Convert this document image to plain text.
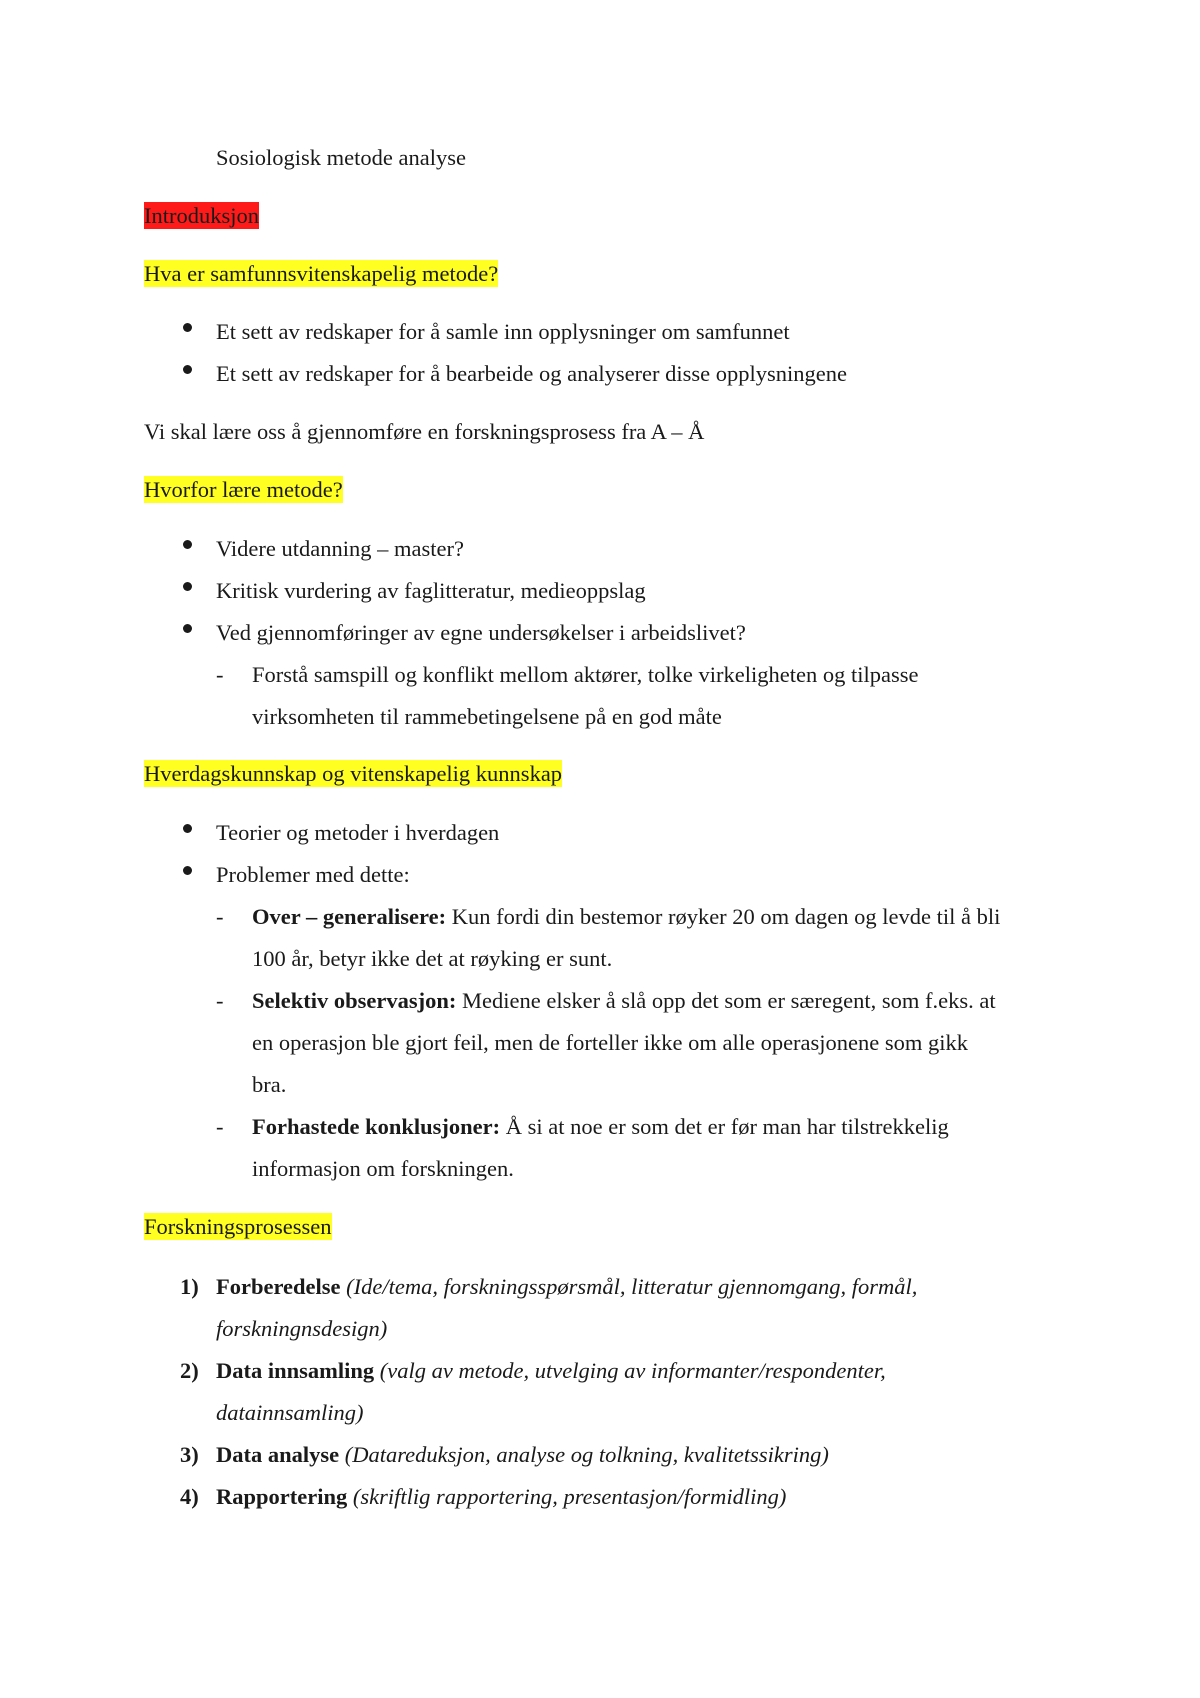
Sosiologisk metode analyse
Introduksjon
Hva er samfunnsvitenskapelig metode?
Et sett av redskaper for å samle inn opplysninger om samfunnet
Et sett av redskaper for å bearbeide og analyserer disse opplysningene
Vi skal lære oss å gjennomføre en forskningsprosess fra A – Å
Hvorfor lære metode?
Videre utdanning – master?
Kritisk vurdering av faglitteratur, medieoppslag
Ved gjennomføringer av egne undersøkelser i arbeidslivet?
- Forstå samspill og konflikt mellom aktører, tolke virkeligheten og tilpasse
virksomheten til rammebetingelsene på en god måte
Hverdagskunnskap og vitenskapelig kunnskap
Teorier og metoder i hverdagen
Problemer med dette:
- Over – generalisere: Kun fordi din bestemor røyker 20 om dagen og levde til å bli
100 år, betyr ikke det at røyking er sunt.
- Selektiv observasjon: Mediene elsker å slå opp det som er særegent, som f.eks. at
en operasjon ble gjort feil, men de forteller ikke om alle operasjonene som gikk
bra.
- Forhastede konklusjoner: Å si at noe er som det er før man har tilstrekkelig
informasjon om forskningen.
Forskningsprosessen
1) Forberedelse (Ide/tema, forskningsspørsmål, litteratur gjennomgang, formål,
forskningnsdesign)
2) Data innsamling (valg av metode, utvelging av informanter/respondenter,
datainnsamling)
3) Data analyse (Datareduksjon, analyse og tolkning, kvalitetssikring)
4) Rapportering (skriftlig rapportering, presentasjon/formidling)
